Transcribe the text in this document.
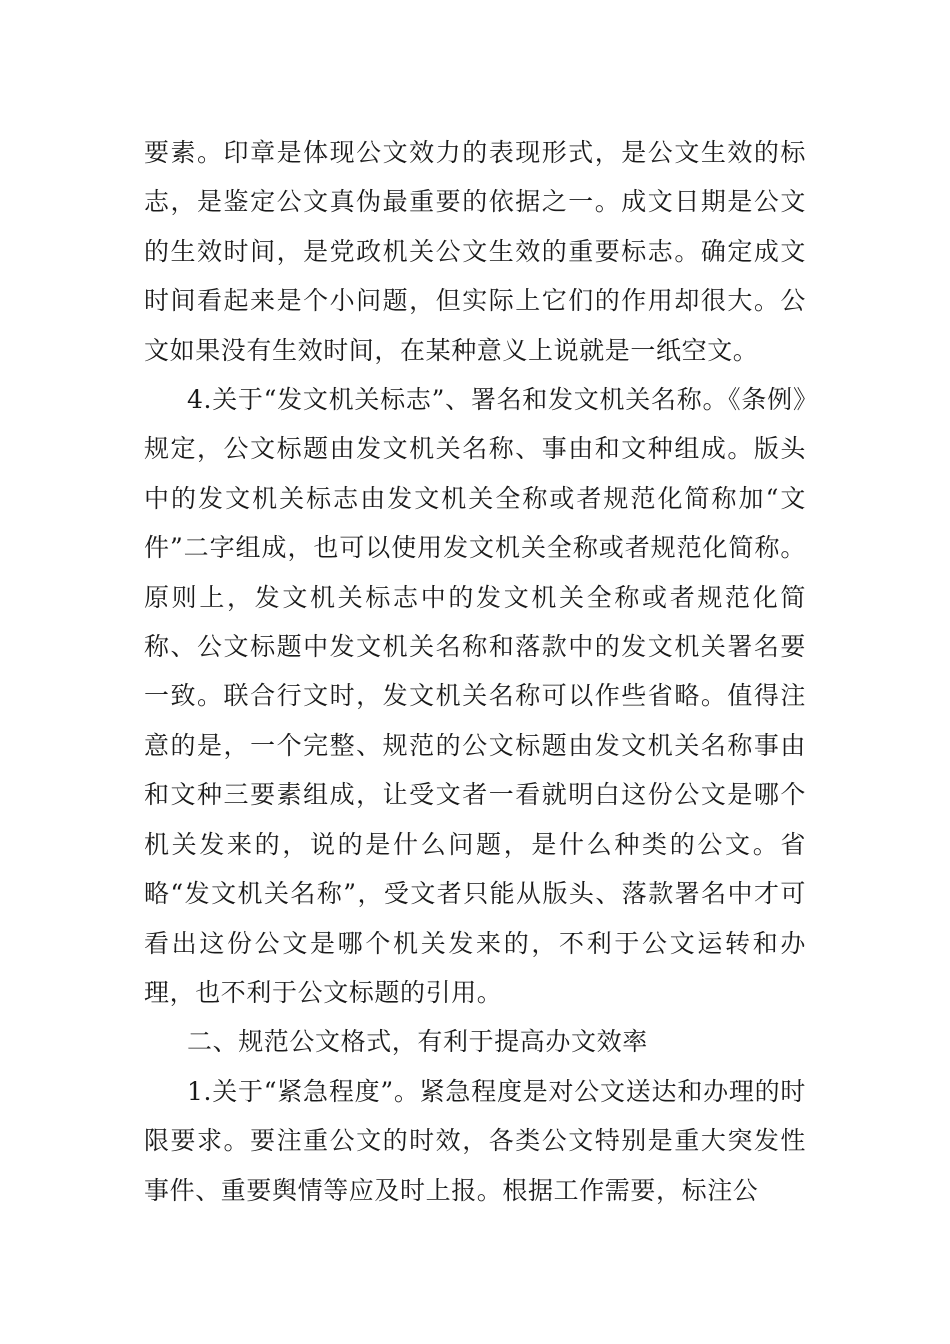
要素。印章是体现公文效力的表现形式，是公文生效的标志，是鉴定公文真伪最重要的依据之一。成文日期是公文的生效时间，是党政机关公文生效的重要标志。确定成文时间看起来是个小问题，但实际上它们的作用却很大。公文如果没有生效时间，在某种意义上说就是一纸空文。

4.关于“发文机关标志”、署名和发文机关名称。《条例》规定，公文标题由发文机关名称、事由和文种组成。版头中的发文机关标志由发文机关全称或者规范化简称加“文件”二字组成，也可以使用发文机关全称或者规范化简称。原则上，发文机关标志中的发文机关全称或者规范化简称、公文标题中发文机关名称和落款中的发文机关署名要一致。联合行文时，发文机关名称可以作些省略。值得注意的是，一个完整、规范的公文标题由发文机关名称事由和文种三要素组成，让受文者一看就明白这份公文是哪个机关发来的，说的是什么问题，是什么种类的公文。省略“发文机关名称”，受文者只能从版头、落款署名中才可看出这份公文是哪个机关发来的，不利于公文运转和办理，也不利于公文标题的引用。

二、规范公文格式，有利于提高办文效率

1.关于“紧急程度”。紧急程度是对公文送达和办理的时限要求。要注重公文的时效，各类公文特别是重大突发性事件、重要舆情等应及时上报。根据工作需要，标注公
